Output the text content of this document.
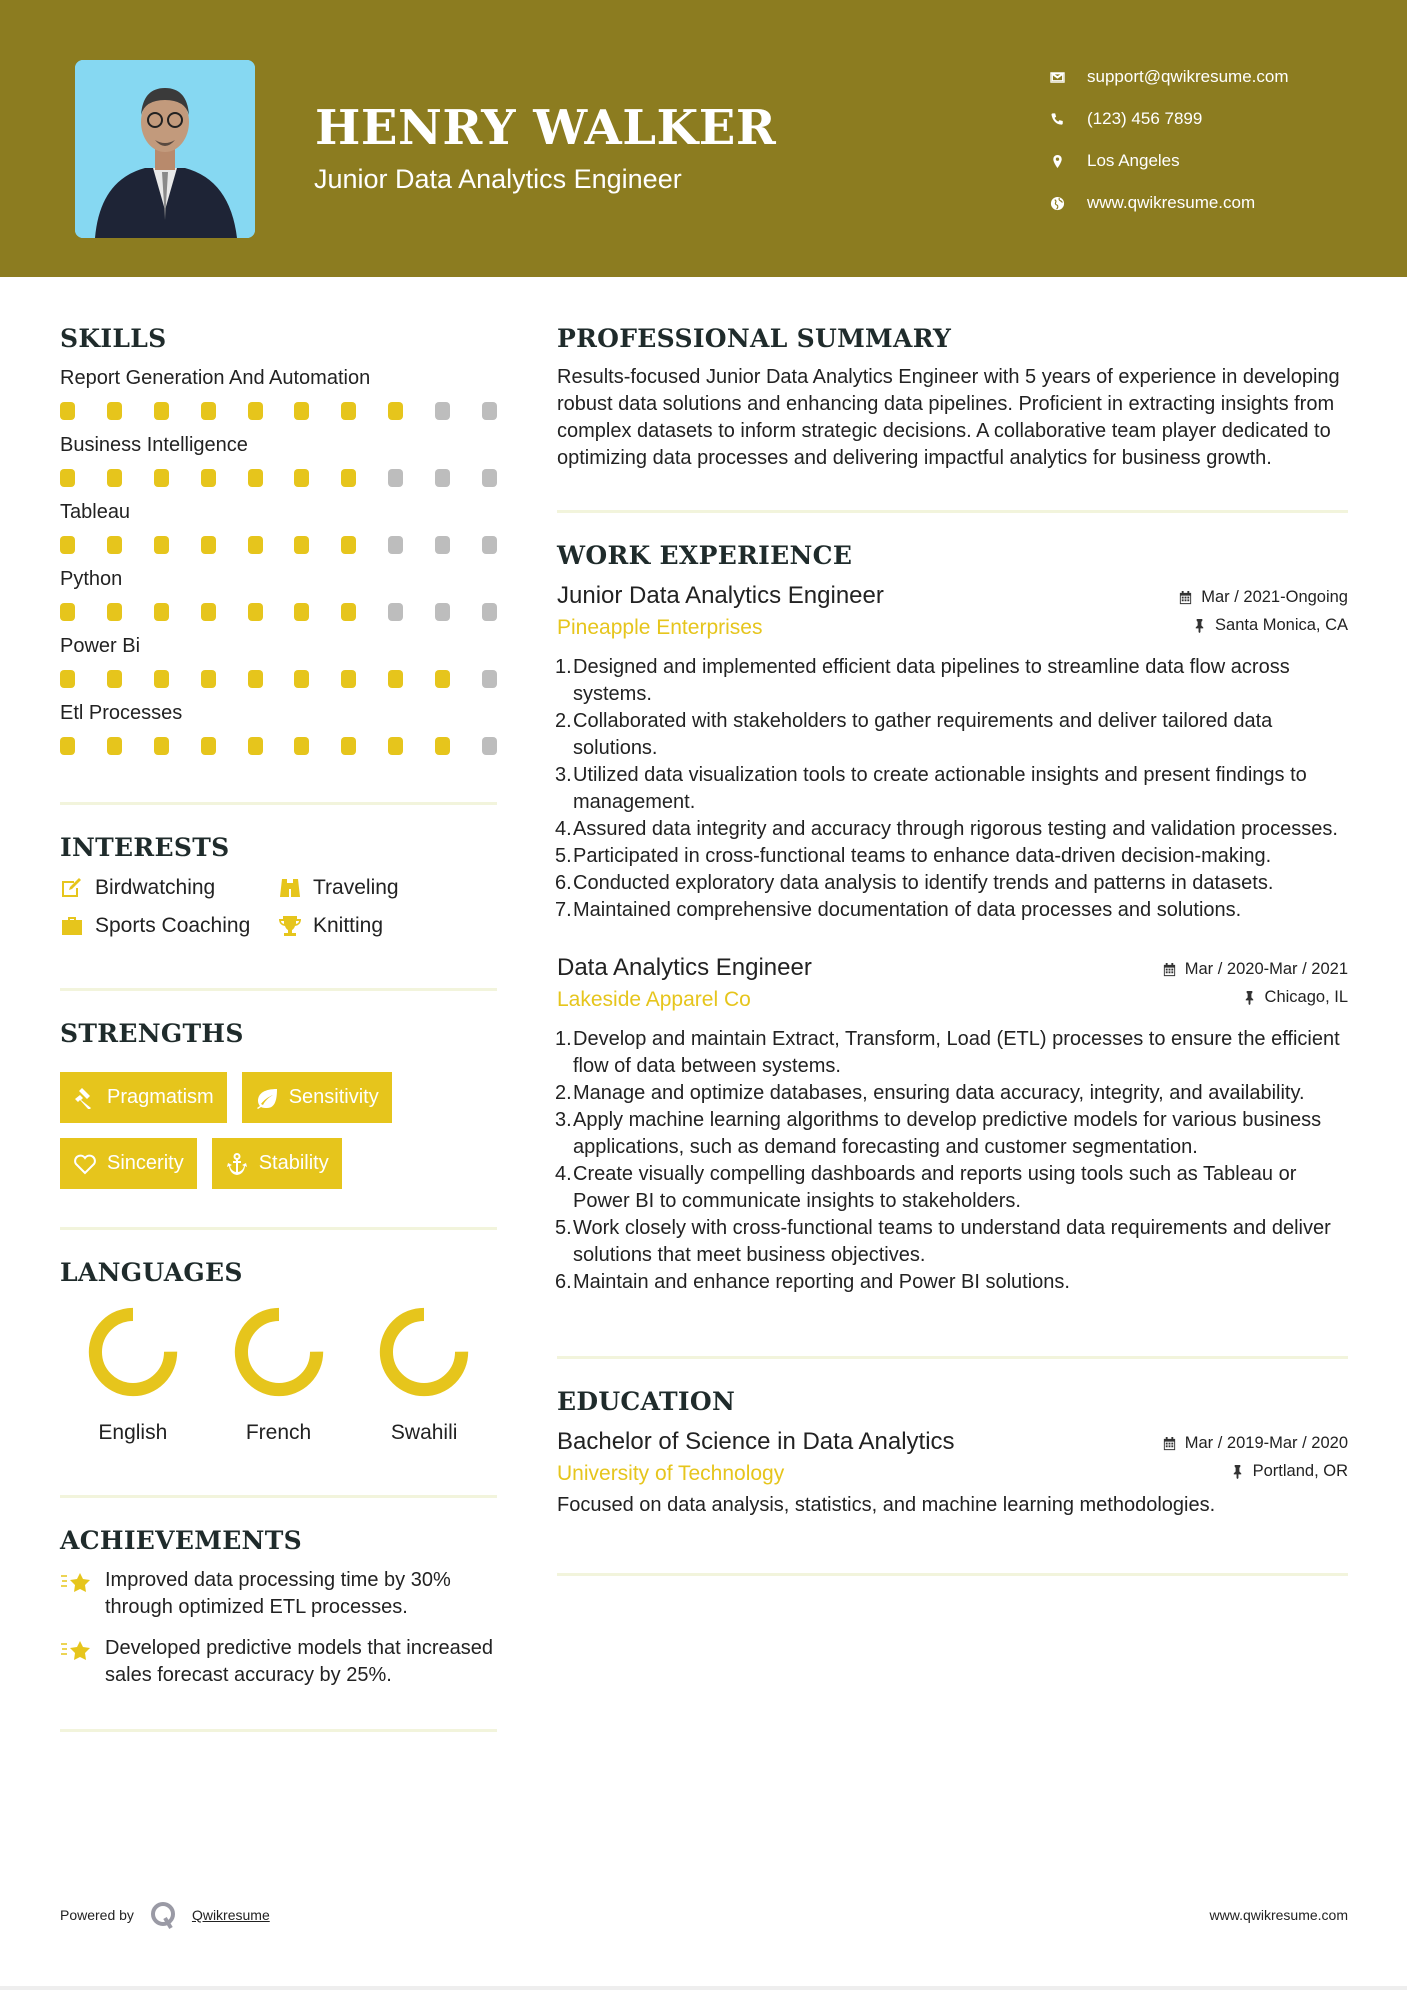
HENRY WALKER
Junior Data Analytics Engineer
support@qwikresume.com
(123) 456 7899
Los Angeles
www.qwikresume.com
SKILLS
Report Generation And Automation
Business Intelligence
Tableau
Python
Power Bi
Etl Processes
INTERESTS
Birdwatching	Traveling
Sports Coaching	Knitting
STRENGTHS
Pragmatism	Sensitivity
Sincerity	Stability
LANGUAGES
English	French	Swahili
ACHIEVEMENTS
Improved data processing time by 30% through optimized ETL processes.
Developed predictive models that increased sales forecast accuracy by 25%.
PROFESSIONAL SUMMARY

Results-focused Junior Data Analytics Engineer with 5 years of experience in developing robust data solutions and enhancing data pipelines. Proficient in extracting insights from complex datasets to inform strategic decisions. A collaborative team player dedicated to optimizing data processes and delivering impactful analytics for business growth.

WORK EXPERIENCE
Junior Data Analytics Engineer	Mar / 2021-Ongoing
Pineapple Enterprises	Santa Monica, CA
1. Designed and implemented efficient data pipelines to streamline data flow across systems.
2. Collaborated with stakeholders to gather requirements and deliver tailored data solutions.
3. Utilized data visualization tools to create actionable insights and present findings to management.
4. Assured data integrity and accuracy through rigorous testing and validation processes.
5. Participated in cross-functional teams to enhance data-driven decision-making.
6. Conducted exploratory data analysis to identify trends and patterns in datasets.
7. Maintained comprehensive documentation of data processes and solutions.
Data Analytics Engineer	Mar / 2020-Mar / 2021
Lakeside Apparel Co	Chicago, IL
1. Develop and maintain Extract, Transform, Load (ETL) processes to ensure the efficient flow of data between systems.
2. Manage and optimize databases, ensuring data accuracy, integrity, and availability.
3. Apply machine learning algorithms to develop predictive models for various business applications, such as demand forecasting and customer segmentation.
4. Create visually compelling dashboards and reports using tools such as Tableau or Power BI to communicate insights to stakeholders.
5. Work closely with cross-functional teams to understand data requirements and deliver solutions that meet business objectives.
6. Maintain and enhance reporting and Power BI solutions.
EDUCATION
Bachelor of Science in Data Analytics	Mar / 2019-Mar / 2020
University of Technology	Portland, OR

Focused on data analysis, statistics, and machine learning methodologies.

Powered by	Qwikresume	www.qwikresume.com
